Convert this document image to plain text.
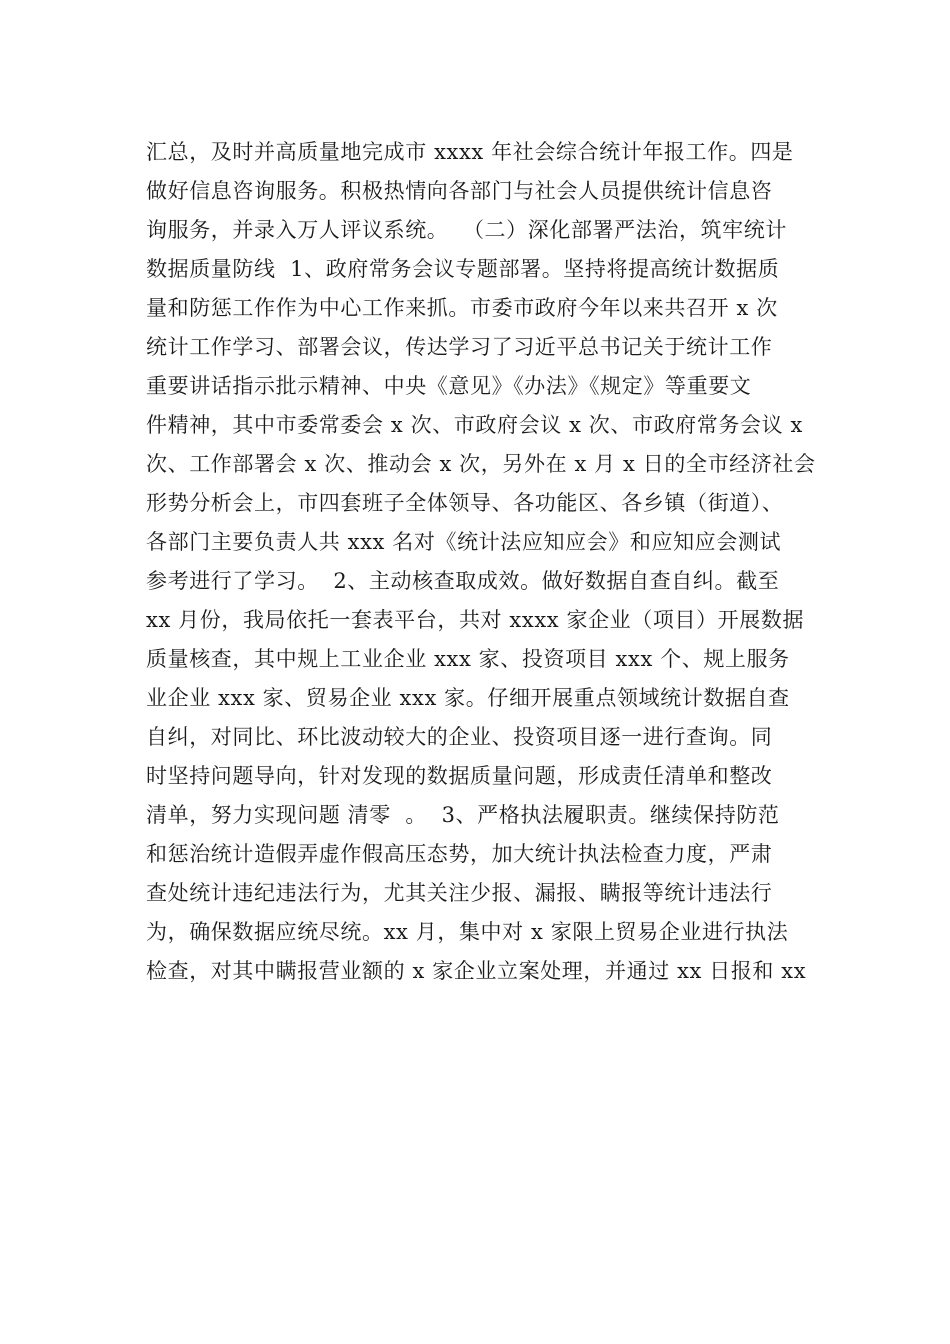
汇总，及时并高质量地完成市 xxxx 年社会综合统计年报工作。四是
做好信息咨询服务。积极热情向各部门与社会人员提供统计信息咨
询服务，并录入万人评议系统。  （二）深化部署严法治，筑牢统计
数据质量防线  1、政府常务会议专题部署。坚持将提高统计数据质
量和防惩工作作为中心工作来抓。市委市政府今年以来共召开 x 次
统计工作学习、部署会议，传达学习了习近平总书记关于统计工作
重要讲话指示批示精神、中央《意见》《办法》《规定》等重要文
件精神，其中市委常委会 x 次、市政府会议 x 次、市政府常务会议 x
次、工作部署会 x 次、推动会 x 次，另外在 x 月 x 日的全市经济社会
形势分析会上，市四套班子全体领导、各功能区、各乡镇（街道）、
各部门主要负责人共 xxx 名对《统计法应知应会》和应知应会测试
参考进行了学习。  2、主动核查取成效。做好数据自查自纠。截至
xx 月份，我局依托一套表平台，共对 xxxx 家企业（项目）开展数据
质量核查，其中规上工业企业 xxx 家、投资项目 xxx 个、规上服务
业企业 xxx 家、贸易企业 xxx 家。仔细开展重点领域统计数据自查
自纠，对同比、环比波动较大的企业、投资项目逐一进行查询。同
时坚持问题导向，针对发现的数据质量问题，形成责任清单和整改
清单，努力实现问题 清零  。  3、严格执法履职责。继续保持防范
和惩治统计造假弄虚作假高压态势，加大统计执法检查力度，严肃
查处统计违纪违法行为，尤其关注少报、漏报、瞒报等统计违法行
为，确保数据应统尽统。xx 月，集中对 x 家限上贸易企业进行执法
检查，对其中瞒报营业额的 x 家企业立案处理，并通过 xx 日报和 xx
